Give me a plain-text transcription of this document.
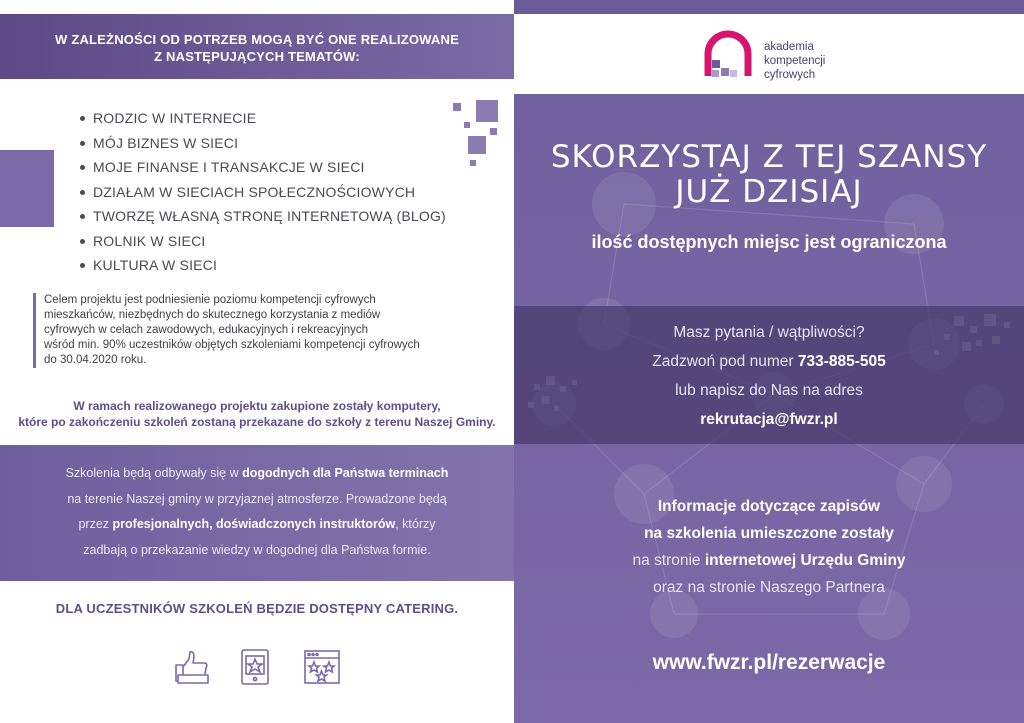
W ZALEŻNOŚCI OD POTRZEB MOGĄ BYĆ ONE REALIZOWANE
Z NASTĘPUJĄCYCH TEMATÓW:
RODZIC W INTERNECIE
MÓJ BIZNES W SIECI
MOJE FINANSE I TRANSAKCJE W SIECI
DZIAŁAM W SIECIACH SPOŁECZNOŚCIOWYCH
TWORZĘ WŁASNĄ STRONĘ INTERNETOWĄ (BLOG)
ROLNIK W SIECI
KULTURA W SIECI
Celem projektu jest podniesienie poziomu kompetencji cyfrowych
mieszkańców, niezbędnych do skutecznego korzystania z mediów
cyfrowych w celach zawodowych, edukacyjnych i rekreacyjnych
wśród min. 90% uczestników objętych szkoleniami kompetencji cyfrowych
do 30.04.2020 roku.
W ramach realizowanego projektu zakupione zostały komputery,
które po zakończeniu szkoleń zostaną przekazane do szkoły z terenu Naszej Gminy.

Szkolenia będą odbywały się w dogodnych dla Państwa terminach

na terenie Naszej gminy w przyjaznej atmosferze. Prowadzone będą

przez profesjonalnych, doświadczonych instruktorów, którzy

zadbają o przekazanie wiedzy w dogodnej dla Państwa formie.

DLA UCZESTNIKÓW SZKOLEŃ BĘDZIE DOSTĘPNY CATERING.
akademia
kompetencji
cyfrowych
SKORZYSTAJ Z TEJ SZANSY
JUŻ DZISIAJ
ilość dostępnych miejsc jest ograniczona

Masz pytania / wątpliwości?

Zadzwoń pod numer 733-885-505

lub napisz do Nas na adres

rekrutacja@fwzr.pl

Informacje dotyczące zapisów

na szkolenia umieszczone zostały

na stronie internetowej Urzędu Gminy

oraz na stronie Naszego Partnera

www.fwzr.pl/rezerwacje
